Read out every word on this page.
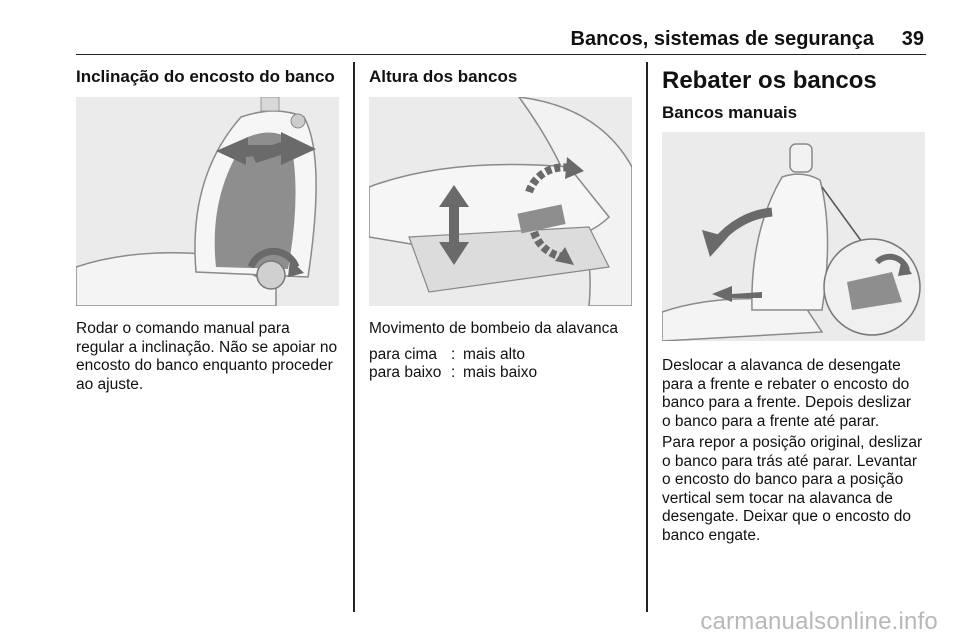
Bancos, sistemas de segurança 39
Inclinação do encosto do banco
Rodar o comando manual para
regular a inclinação. Não se apoiar no
encosto do banco enquanto proceder
ao ajuste.
Altura dos bancos
Movimento de bombeio da alavanca
para cima : mais alto
para baixo : mais baixo
Rebater os bancos
Bancos manuais
Deslocar a alavanca de desengate
para a frente e rebater o encosto do
banco para a frente. Depois deslizar
o banco para a frente até parar.
Para repor a posição original, deslizar
o banco para trás até parar. Levantar
o encosto do banco para a posição
vertical sem tocar na alavanca de
desengate. Deixar que o encosto do
banco engate.
carmanualsonline.info
